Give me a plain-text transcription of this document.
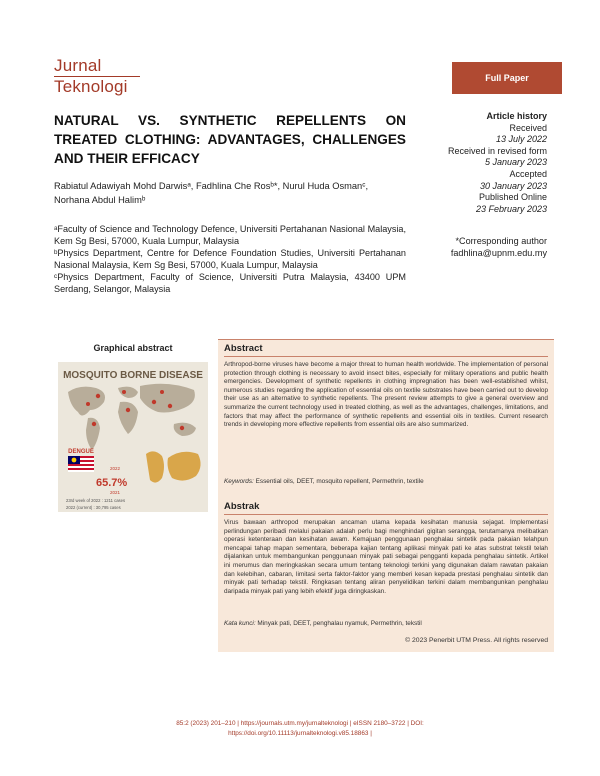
Jurnal
Teknologi	Full Paper
NATURAL VS. SYNTHETIC REPELLENTS ON TREATED CLOTHING: ADVANTAGES, CHALLENGES AND THEIR EFFICACY
Article history
Received
13 July 2022
Received in revised form
5 January 2023
Accepted
30 January 2023
Published Online
23 February 2023
Rabiatul Adawiyah Mohd Darwisᵃ, Fadhlina Che Rosᵇ*, Nurul Huda Osmanᶜ, Norhana Abdul Halimᵇ

ᵃFaculty of Science and Technology Defence, Universiti Pertahanan Nasional Malaysia, Kem Sg Besi, 57000, Kuala Lumpur, Malaysia

ᵇPhysics Department, Centre for Defence Foundation Studies, Universiti Pertahanan Nasional Malaysia, Kem Sg Besi, 57000, Kuala Lumpur, Malaysia

ᶜPhysics Department, Faculty of Science, Universiti Putra Malaysia, 43400 UPM Serdang, Selangor, Malaysia

*Corresponding author
fadhlina@upnm.edu.my
Graphical abstract
MOSQUITO BORNE DISEASE
DENGUE
2022
65.7%
2021
23rd week of 2022 : 1211 cases
2022 (current) : 30,795 cases
Abstract
Arthropod-borne viruses have become a major threat to human health worldwide. The implementation of personal protection through clothing is necessary to avoid insect bites, especially for military operations and public health emergencies. Development of synthetic repellents in clothing impregnation has been well-established whilst, numerous studies regarding the application of essential oils on textile substrates have been carried out to develop their use as an alternative to synthetic repellents. The present review attempts to give a general overview and summarize the current technology used in treated clothing, as well as the advantages, challenges, limitations, and factors that may affect the performance of synthetic repellents and essential oils in textiles. Current research trends in developing more effective repellents from essential oils are also summarized.
Keywords: Essential oils, DEET, mosquito repellent, Permethrin, textile
Abstrak
Virus bawaan arthropod merupakan ancaman utama kepada kesihatan manusia sejagat. Implementasi perlindungan peribadi melalui pakaian adalah perlu bagi menghindari gigitan serangga, terutamanya melibatkan operasi ketenteraan dan kesihatan awam. Kemajuan penggunaan penghalau sintetik pada pakaian telahpun mencapai tahap mapan sementara, beberapa kajian tentang aplikasi minyak pati ke atas substrat tekstil telah dijalankan untuk membangunkan penggunaan minyak pati sebagai pengganti kepada penghalau sintetik. Artikel ini merumus dan meringkaskan secara umum tentang teknologi terkini yang digunakan dalam rawatan pakaian dan kelebihan, cabaran, limitasi serta faktor-faktor yang memberi kesan kepada prestasi penghalau sintetik dan minyak pati terhadap tekstil. Ringkasan tentang aliran penyelidikan terkini dalam membangunkan penghalau daripada minyak pati yang lebih efektif juga diringkaskan.
Kata kunci: Minyak pati, DEET, penghalau nyamuk, Permethrin, tekstil
© 2023 Penerbit UTM Press. All rights reserved
85:2 (2023) 201–210 | https://journals.utm.my/jurnalteknologi | eISSN 2180–3722 | DOI:
https://doi.org/10.11113/jurnalteknologi.v85.18863 |
